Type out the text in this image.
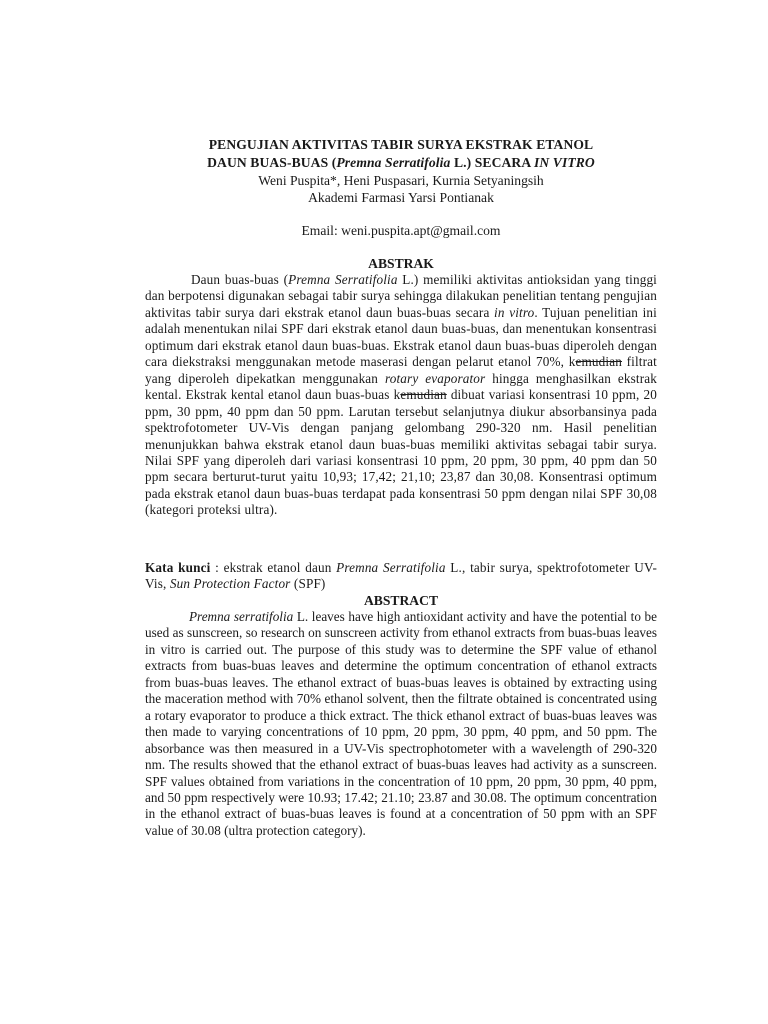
PENGUJIAN AKTIVITAS TABIR SURYA EKSTRAK ETANOL
DAUN BUAS-BUAS (Premna Serratifolia L.) SECARA IN VITRO
Weni Puspita*, Heni Puspasari, Kurnia Setyaningsih
Akademi Farmasi Yarsi Pontianak
Email: weni.puspita.apt@gmail.com
ABSTRAK
Daun buas-buas (Premna Serratifolia L.) memiliki aktivitas antioksidan yang tinggi dan berpotensi digunakan sebagai tabir surya sehingga dilakukan penelitian tentang pengujian aktivitas tabir surya dari ekstrak etanol daun buas-buas secara in vitro. Tujuan penelitian ini adalah menentukan nilai SPF dari ekstrak etanol daun buas-buas, dan menentukan konsentrasi optimum dari ekstrak etanol daun buas-buas. Ekstrak etanol daun buas-buas diperoleh dengan cara diekstraksi menggunakan metode maserasi dengan pelarut etanol 70%, kemudian filtrat yang diperoleh dipekatkan menggunakan rotary evaporator hingga menghasilkan ekstrak kental. Ekstrak kental etanol daun buas-buas kemudian dibuat variasi konsentrasi 10 ppm, 20 ppm, 30 ppm, 40 ppm dan 50 ppm. Larutan tersebut selanjutnya diukur absorbansinya pada spektrofotometer UV-Vis dengan panjang gelombang 290-320 nm. Hasil penelitian menunjukkan bahwa ekstrak etanol daun buas-buas memiliki aktivitas sebagai tabir surya. Nilai SPF yang diperoleh dari variasi konsentrasi 10 ppm, 20 ppm, 30 ppm, 40 ppm dan 50 ppm secara berturut-turut yaitu 10,93; 17,42; 21,10; 23,87 dan 30,08. Konsentrasi optimum pada ekstrak etanol daun buas-buas terdapat pada konsentrasi 50 ppm dengan nilai SPF 30,08 (kategori proteksi ultra).
Kata kunci : ekstrak etanol daun Premna Serratifolia L., tabir surya, spektrofotometer UV-Vis, Sun Protection Factor (SPF)
ABSTRACT
Premna serratifolia L. leaves have high antioxidant activity and have the potential to be used as sunscreen, so research on sunscreen activity from ethanol extracts from buas-buas leaves in vitro is carried out. The purpose of this study was to determine the SPF value of ethanol extracts from buas-buas leaves and determine the optimum concentration of ethanol extracts from buas-buas leaves. The ethanol extract of buas-buas leaves is obtained by extracting using the maceration method with 70% ethanol solvent, then the filtrate obtained is concentrated using a rotary evaporator to produce a thick extract. The thick ethanol extract of buas-buas leaves was then made to varying concentrations of 10 ppm, 20 ppm, 30 ppm, 40 ppm, and 50 ppm. The absorbance was then measured in a UV-Vis spectrophotometer with a wavelength of 290-320 nm. The results showed that the ethanol extract of buas-buas leaves had activity as a sunscreen. SPF values obtained from variations in the concentration of 10 ppm, 20 ppm, 30 ppm, 40 ppm, and 50 ppm respectively were 10.93; 17.42; 21.10; 23.87 and 30.08. The optimum concentration in the ethanol extract of buas-buas leaves is found at a concentration of 50 ppm with an SPF value of 30.08 (ultra protection category).
